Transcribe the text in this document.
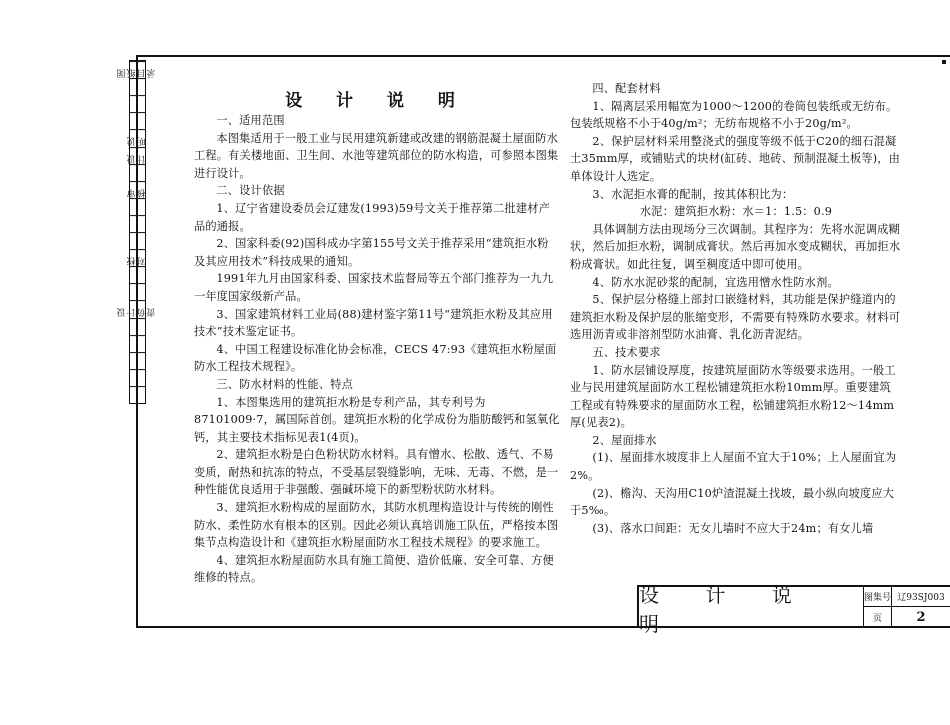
图纸目录
说明
设计
审核
校对
设计负责
设 计 说 明

一、适用范围

本图集适用于一般工业与民用建筑新建或改建的钢筋混凝土屋面防水工程。有关楼地面、卫生间、水池等建筑部位的防水构造，可参照本图集进行设计。

二、设计依据

1、辽宁省建设委员会辽建发(1993)59号文关于推荐第二批建材产品的通报。

2、国家科委(92)国科成办字第155号文关于推荐采用“建筑拒水粉及其应用技术”科技成果的通知。

1991年九月由国家科委、国家技术监督局等五个部门推荐为一九九一年度国家级新产品。

3、国家建筑材料工业局(88)建材鉴字第11号“建筑拒水粉及其应用技术”技术鉴定证书。

4、中国工程建设标准化协会标准，CECS 47:93《建筑拒水粉屋面防水工程技术规程》。

三、防水材料的性能、特点

1、本图集选用的建筑拒水粉是专利产品，其专利号为87101009·7，属国际首创。建筑拒水粉的化学成份为脂肪酸钙和氢氧化钙，其主要技术指标见表1(4页)。

2、建筑拒水粉是白色粉状防水材料。具有憎水、松散、透气、不易变质，耐热和抗冻的特点，不受基层裂缝影响，无味、无毒、不燃，是一种性能优良适用于非强酸、强碱环境下的新型粉状防水材料。

3、建筑拒水粉构成的屋面防水，其防水机理构造设计与传统的刚性防水、柔性防水有根本的区别。因此必须认真培训施工队伍，严格按本图集节点构造设计和《建筑拒水粉屋面防水工程技术规程》的要求施工。

4、建筑拒水粉屋面防水具有施工简便、造价低廉、安全可靠、方便维修的特点。

四、配套材料

1、隔离层采用幅宽为1000～1200的卷筒包装纸或无纺布。包装纸规格不小于40g/m²；无纺布规格不小于20g/m²。

2、保护层材料采用整浇式的强度等级不低于C20的细石混凝土35mm厚，或铺贴式的块材(缸砖、地砖、预制混凝土板等)，由单体设计人选定。

3、水泥拒水膏的配制，按其体积比为：

水泥：建筑拒水粉：水＝1：1.5：0.9

具体调制方法由现场分三次调制。其程序为：先将水泥调成糊状，然后加拒水粉，调制成膏状。然后再加水变成糊状，再加拒水粉成膏状。如此往复，调至稠度适中即可使用。

4、防水水泥砂浆的配制，宜选用憎水性防水剂。

5、保护层分格缝上部封口嵌缝材料，其功能是保护缝道内的建筑拒水粉及保护层的胀缩变形，不需要有特殊防水要求。材料可选用沥青或非溶剂型防水油膏、乳化沥青泥结。

五、技术要求

1、防水层铺设厚度，按建筑屋面防水等级要求选用。一般工业与民用建筑屋面防水工程松铺建筑拒水粉10mm厚。重要建筑工程或有特殊要求的屋面防水工程，松铺建筑拒水粉12～14mm厚(见表2)。

2、屋面排水

(1)、屋面排水坡度非上人屋面不宜大于10%；上人屋面宜为2%。

(2)、檐沟、天沟用C10炉渣混凝土找坡，最小纵向坡度应大于5‰。

(3)、落水口间距：无女儿墙时不应大于24m；有女儿墙

设 计 说 明
图集号 辽93SJ003
页	2
